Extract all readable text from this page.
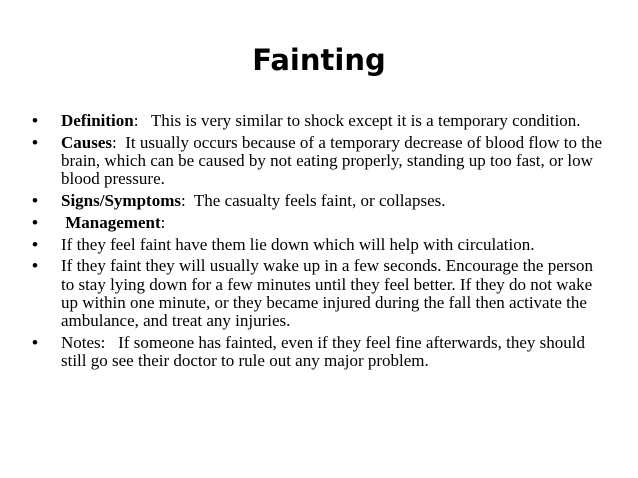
Fainting
• Definition:   This is very similar to shock except it is a temporary condition.
• Causes:  It usually occurs because of a temporary decrease of blood flow to the brain, which can be caused by not eating properly, standing up too fast, or low blood pressure.
• Signs/Symptoms:  The casualty feels faint, or collapses.
• Management:
• If they feel faint have them lie down which will help with circulation.
• If they faint they will usually wake up in a few seconds. Encourage the person to stay lying down for a few minutes until they feel better. If they do not wake up within one minute, or they became injured during the fall then activate the ambulance, and treat any injuries.
• Notes:   If someone has fainted, even if they feel fine afterwards, they should still go see their doctor to rule out any major problem.
